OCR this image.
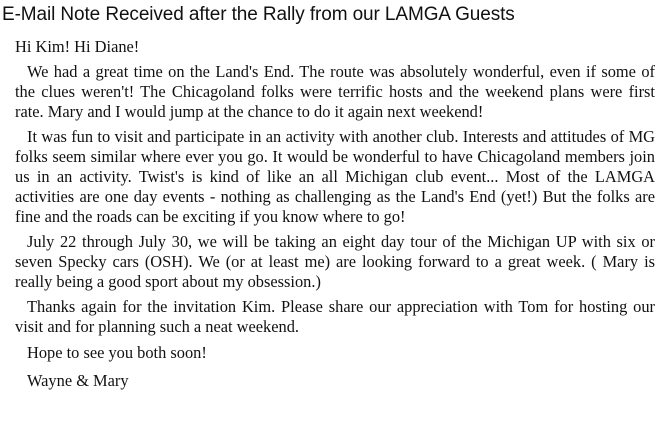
E-Mail Note Received after the Rally from our LAMGA Guests

Hi Kim! Hi Diane!

We had a great time on the Land's End. The route was absolutely wonderful, even if some of the clues weren't! The Chicagoland folks were terrific hosts and the weekend plans were first rate. Mary and I would jump at the chance to do it again next weekend!

It was fun to visit and participate in an activity with another club. Interests and attitudes of MG folks seem similar where ever you go. It would be wonderful to have Chicagoland members join us in an activity. Twist's is kind of like an all Michigan club event... Most of the LAMGA activities are one day events - nothing as challenging as the Land's End (yet!) But the folks are fine and the roads can be exciting if you know where to go!

July 22 through July 30, we will be taking an eight day tour of the Michigan UP with six or seven Specky cars (OSH). We (or at least me) are looking forward to a great week. ( Mary is really being a good sport about my obsession.)

Thanks again for the invitation Kim. Please share our appreciation with Tom for hosting our visit and for planning such a neat weekend.

Hope to see you both soon!

Wayne & Mary
